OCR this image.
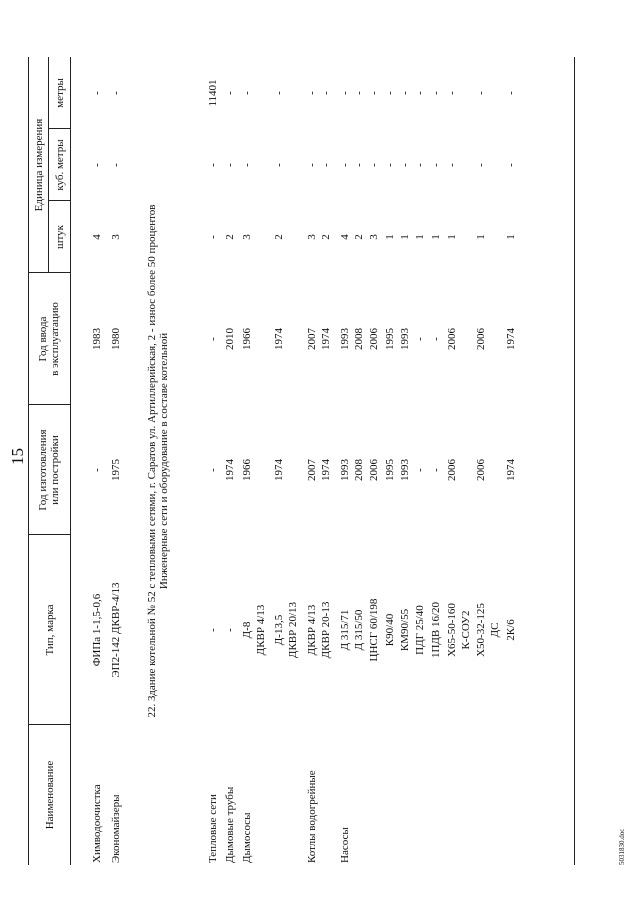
15
Наименование
Тип, марка
Год изготовления или постройки
Год ввода в эксплуатацию
Единица измерения
штук
куб. метры
метры
22. Здание котельной № 52 с тепловыми сетями, г. Саратов ул. Артиллерийская, 2 - износ более 50 процентов Инженерные сети и оборудование в составе котельной
Химводоочистка
ФИПа 1-1,5-0,6
-
1983
4
-
-
Экономайзеры
ЭП2-142 ДКВР-4/13
1975
1980
3
-
-
Тепловые сети
-
-
-
-
-
11401
Дымовые трубы
-
1974
2010
2
-
-
Дымососы
Д-8
1966
1966
3
-
-
ДКВР 4/13 Д-13,5
1974
1974
2
-
-
ДКВР 20/13
Котлы водогрейные
ДКВР 4/13
2007
2007
3
-
-
ДКВР 20-13
1974
1974
2
-
-
Насосы
Д 315/71
1993
1993
4
-
-
Д 315/50
2008
2008
2
-
-
ЦНСГ 60/198
2006
2006
3
-
-
К90/40
1995
1995
1
-
-
КМ90/55
1993
1993
1
-
-
ПДГ 25/40
-
-
1
-
-
1ПДВ 16/20
-
-
1
-
-
Х65-50-160
2006
2006
1
-
-
К-СОУ2 Х50-32-125
2006
2006
1
-
-
ДС 2К/6
1974
1974
1
-
-
5031830.doc
